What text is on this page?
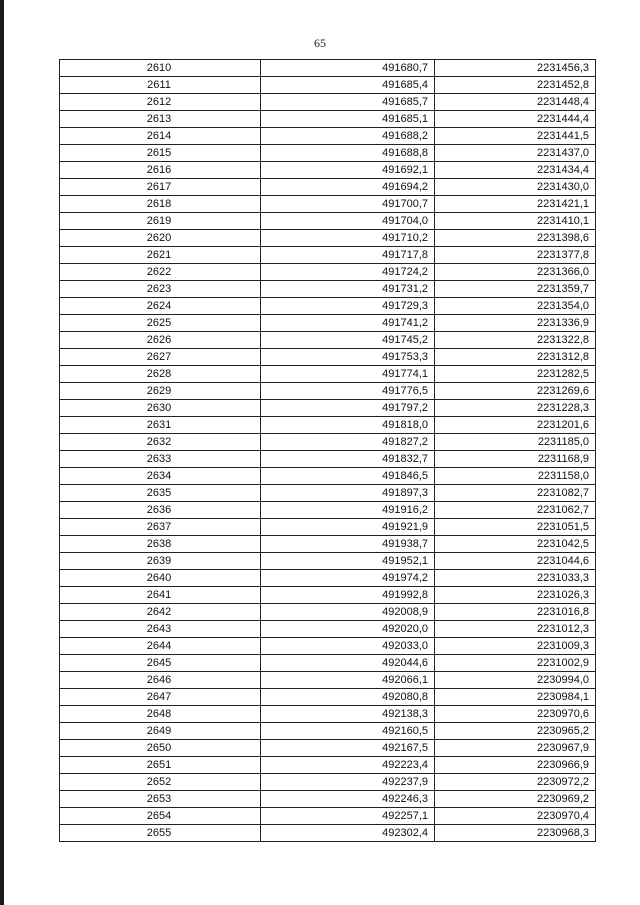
65
2610	491680,7	2231456,3
2611	491685,4	2231452,8
2612	491685,7	2231448,4
2613	491685,1	2231444,4
2614	491688,2	2231441,5
2615	491688,8	2231437,0
2616	491692,1	2231434,4
2617	491694,2	2231430,0
2618	491700,7	2231421,1
2619	491704,0	2231410,1
2620	491710,2	2231398,6
2621	491717,8	2231377,8
2622	491724,2	2231366,0
2623	491731,2	2231359,7
2624	491729,3	2231354,0
2625	491741,2	2231336,9
2626	491745,2	2231322,8
2627	491753,3	2231312,8
2628	491774,1	2231282,5
2629	491776,5	2231269,6
2630	491797,2	2231228,3
2631	491818,0	2231201,6
2632	491827,2	2231185,0
2633	491832,7	2231168,9
2634	491846,5	2231158,0
2635	491897,3	2231082,7
2636	491916,2	2231062,7
2637	491921,9	2231051,5
2638	491938,7	2231042,5
2639	491952,1	2231044,6
2640	491974,2	2231033,3
2641	491992,8	2231026,3
2642	492008,9	2231016,8
2643	492020,0	2231012,3
2644	492033,0	2231009,3
2645	492044,6	2231002,9
2646	492066,1	2230994,0
2647	492080,8	2230984,1
2648	492138,3	2230970,6
2649	492160,5	2230965,2
2650	492167,5	2230967,9
2651	492223,4	2230966,9
2652	492237,9	2230972,2
2653	492246,3	2230969,2
2654	492257,1	2230970,4
2655	492302,4	2230968,3
